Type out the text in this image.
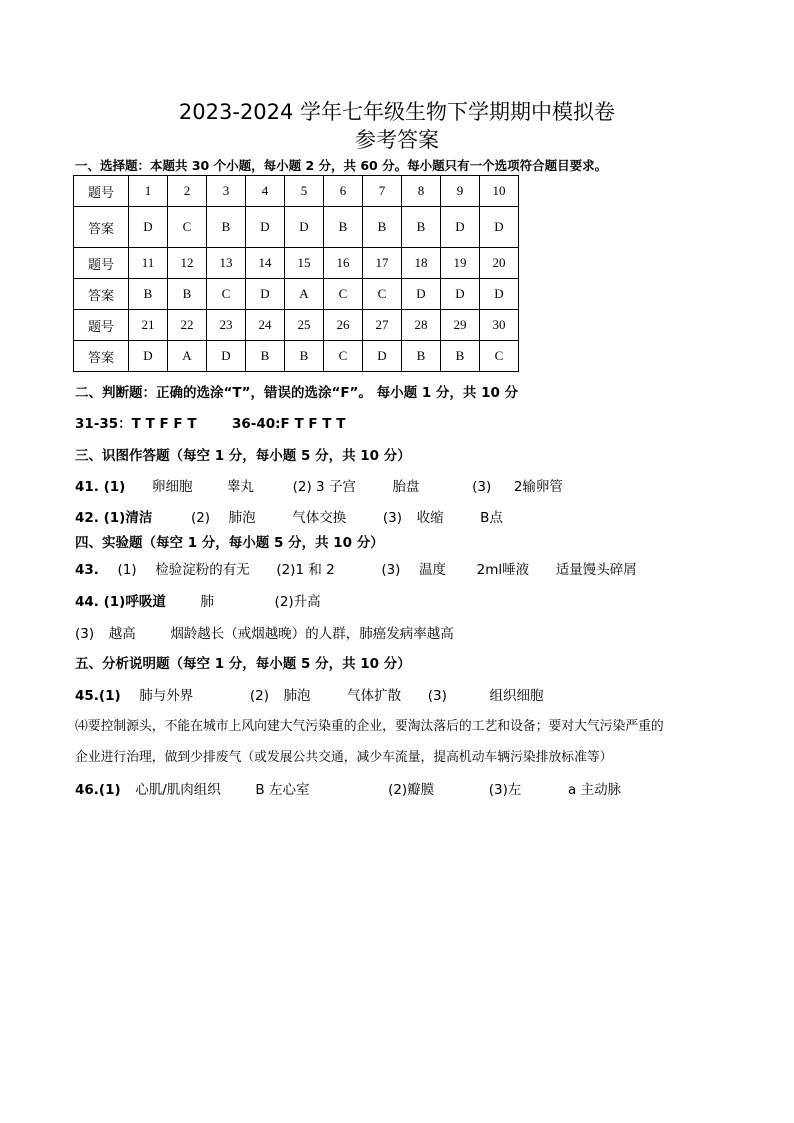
2023-2024 学年七年级生物下学期期中模拟卷
参考答案
一、选择题：本题共 30 个小题，每小题 2 分，共 60 分。每小题只有一个选项符合题目要求。
题号	1	2	3	4	5	6	7	8	9	10
答案	D	C	B	D	D	B	B	B	D	D
题号	11	12	13	14	15	16	17	18	19	20
答案	B	B	C	D	A	C	C	D	D	D
题号	21	22	23	24	25	26	27	28	29	30
答案	D	A	D	B	B	C	D	B	B	C
二、判断题：正确的选涂“T”，错误的选涂“F”。 每小题 1 分，共 10 分
31-35：T T F F T	36-40:F T F T T
三、识图作答题（每空 1 分，每小题 5 分，共 10 分）
41. (1) 卵细胞	睾丸	(2) 3 子宫	胎盘	(3) 2输卵管
42. (1)清洁	(2) 肺泡	气体交换	(3) 收缩	B点
四、实验题（每空 1 分，每小题 5 分，共 10 分）
43. (1) 检验淀粉的有无 (2)1 和 2	(3) 温度 2ml唾液 适量馒头碎屑
44. (1)呼吸道	肺	(2)升高
(3) 越高	烟龄越长（戒烟越晚）的人群，肺癌发病率越高
五、分析说明题（每空 1 分，每小题 5 分，共 10 分）
45.(1) 肺与外界	(2) 肺泡	气体扩散 (3)	组织细胞
⑷要控制源头，不能在城市上风向建大气污染重的企业，要淘汰落后的工艺和设备；要对大气污染严重的
企业进行治理，做到少排废气（或发展公共交通，减少车流量，提高机动车辆污染排放标准等）
46.(1) 心肌/肌肉组织	B 左心室	(2)瓣膜	(3)左	a 主动脉
